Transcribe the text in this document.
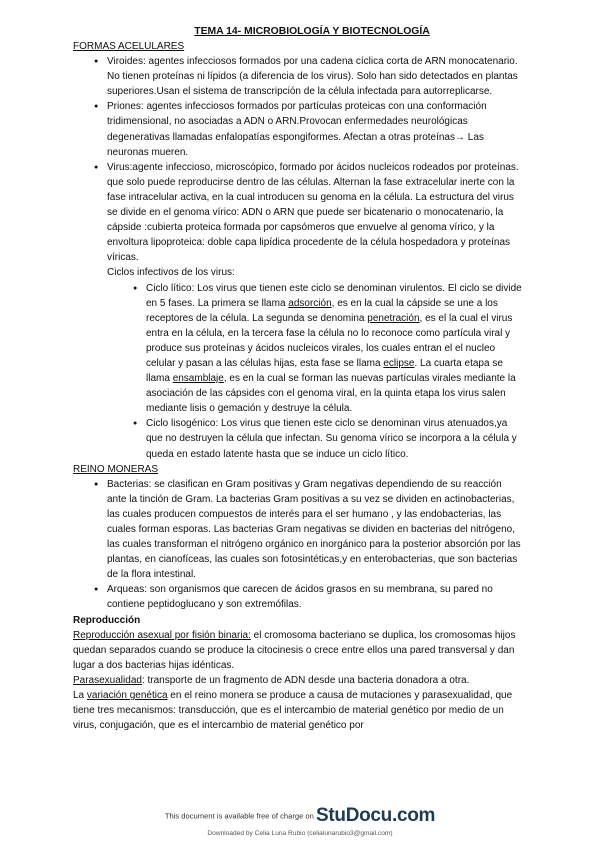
TEMA 14- MICROBIOLOGÍA Y BIOTECNOLOGÍA
FORMAS ACELULARES
● Viroides: agentes infecciosos formados por una cadena cíclica corta de ARN monocatenario. No tienen proteínas ni lípidos (a diferencia de los virus). Solo han sido detectados en plantas superiores.Usan el sistema de transcripción de la célula infectada para autorreplicarse.
● Priones: agentes infecciosos formados por partículas proteicas con una conformación tridimensional, no asociadas a ADN o ARN.Provocan enfermedades neurológicas degenerativas llamadas enfalopatías espongiformes. Afectan a otras proteínas→ Las neuronas mueren.
● Virus:agente infeccioso, microscópico, formado por ácidos nucleicos rodeados por proteínas. que solo puede reproducirse dentro de las células. Alternan la fase extracelular inerte con la fase intracelular activa, en la cual introducen su genoma en la célula. La estructura del virus se divide en el genoma vírico: ADN o ARN que puede ser bicatenario o monocatenario, la cápside :cubierta proteica formada por capsómeros que envuelve al genoma vírico, y la envoltura lipoproteica: doble capa lipídica procedente de la célula hospedadora y proteínas víricas.
Ciclos infectivos de los virus:
● Ciclo lítico: Los virus que tienen este ciclo se denominan virulentos. El ciclo se divide en 5 fases. La primera se llama adsorción, es en la cual la cápside se une a los receptores de la célula. La segunda se denomina penetración, es el la cual el virus entra en la célula, en la tercera fase la célula no lo reconoce como partícula viral y produce sus proteínas y ácidos nucleicos virales, los cuales entran el el nucleo celular y pasan a las células hijas, esta fase se llama eclipse. La cuarta etapa se llama ensamblaje, es en la cual se forman las nuevas partículas virales mediante la asociación de las cápsides con el genoma viral, en la quinta etapa los virus salen mediante lisis o gemación y destruye la célula.
● Ciclo lisogénico: Los virus que tienen este ciclo se denominan virus atenuados,ya que no destruyen la célula que infectan. Su genoma vírico se incorpora a la célula y queda en estado latente hasta que se induce un ciclo lítico.
REINO MONERAS
● Bacterias: se clasifican en Gram positivas y Gram negativas dependiendo de su reacción ante la tinción de Gram. La bacterias Gram positivas a su vez se dividen en actinobacterias, las cuales producen compuestos de interés para el ser humano , y las endobacterias, las cuales forman esporas. Las bacterias Gram negativas se dividen en bacterias del nitrógeno, las cuales transforman el nitrógeno orgánico en inorgánico para la posterior absorción por las plantas, en cianofíceas, las cuales son fotosintéticas,y en enterobacterias, que son bacterias de la flora intestinal.
● Arqueas: son organismos que carecen de ácidos grasos en su membrana, su pared no contiene peptidoglucano y son extremófilas.
Reproducción

Reproducción asexual por fisión binaria: el cromosoma bacteriano se duplica, los cromosomas hijos quedan separados cuando se produce la citocinesis o crece entre ellos una pared transversal y dan lugar a dos bacterias hijas idénticas.

Parasexualidad: transporte de un fragmento de ADN desde una bacteria donadora a otra.

La variación genética en el reino monera se produce a causa de mutaciones y parasexualidad, que tiene tres mecanismos: transducción, que es el intercambio de material genético por medio de un virus, conjugación, que es el intercambio de material genético por

This document is available free of charge on StuDocu.com
Downloaded by Celia Luna Rubio (celialunarubio3@gmail.com)
